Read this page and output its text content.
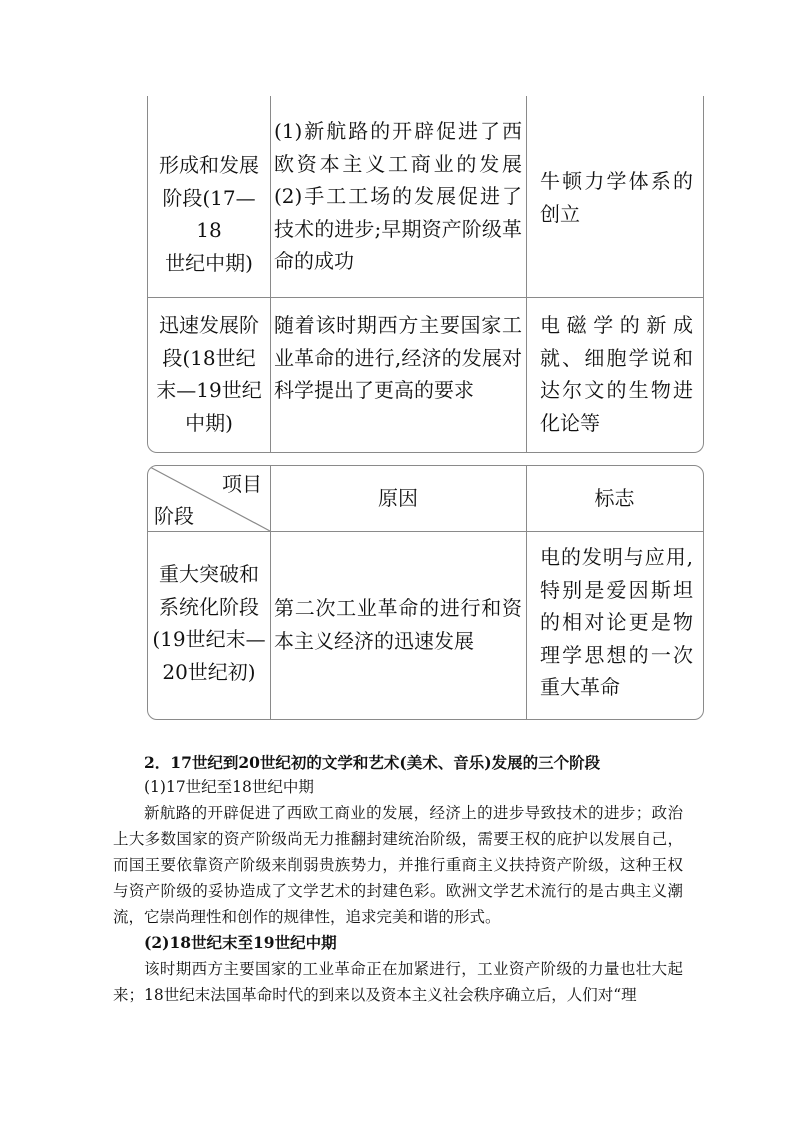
形成和发展
阶段(17—18
世纪中期)
(1)新航路的开辟促进了西欧资本主义工商业的发展(2)手工工场的发展促进了技术的进步;早期资产阶级革命的成功
牛顿力学体系的创立
迅速发展阶
段(18世纪
末—19世纪
中期)
随着该时期西方主要国家工业革命的进行,经济的发展对科学提出了更高的要求
电磁学的新成就、细胞学说和达尔文的生物进化论等
项目
阶段
原因	标志
重大突破和
系统化阶段
(19世纪末—
20世纪初)
第二次工业革命的进行和资本主义经济的迅速发展
电的发明与应用,特别是爱因斯坦的相对论更是物理学思想的一次重大革命
2．17世纪到20世纪初的文学和艺术(美术、音乐)发展的三个阶段

(1)17世纪至18世纪中期

新航路的开辟促进了西欧工商业的发展，经济上的进步导致技术的进步；政治上大多数国家的资产阶级尚无力推翻封建统治阶级，需要王权的庇护以发展自己，而国王要依靠资产阶级来削弱贵族势力，并推行重商主义扶持资产阶级，这种王权与资产阶级的妥协造成了文学艺术的封建色彩。欧洲文学艺术流行的是古典主义潮流，它崇尚理性和创作的规律性，追求完美和谐的形式。

(2)18世纪末至19世纪中期

该时期西方主要国家的工业革命正在加紧进行，工业资产阶级的力量也壮大起来；18世纪末法国革命时代的到来以及资本主义社会秩序确立后，人们对“理
